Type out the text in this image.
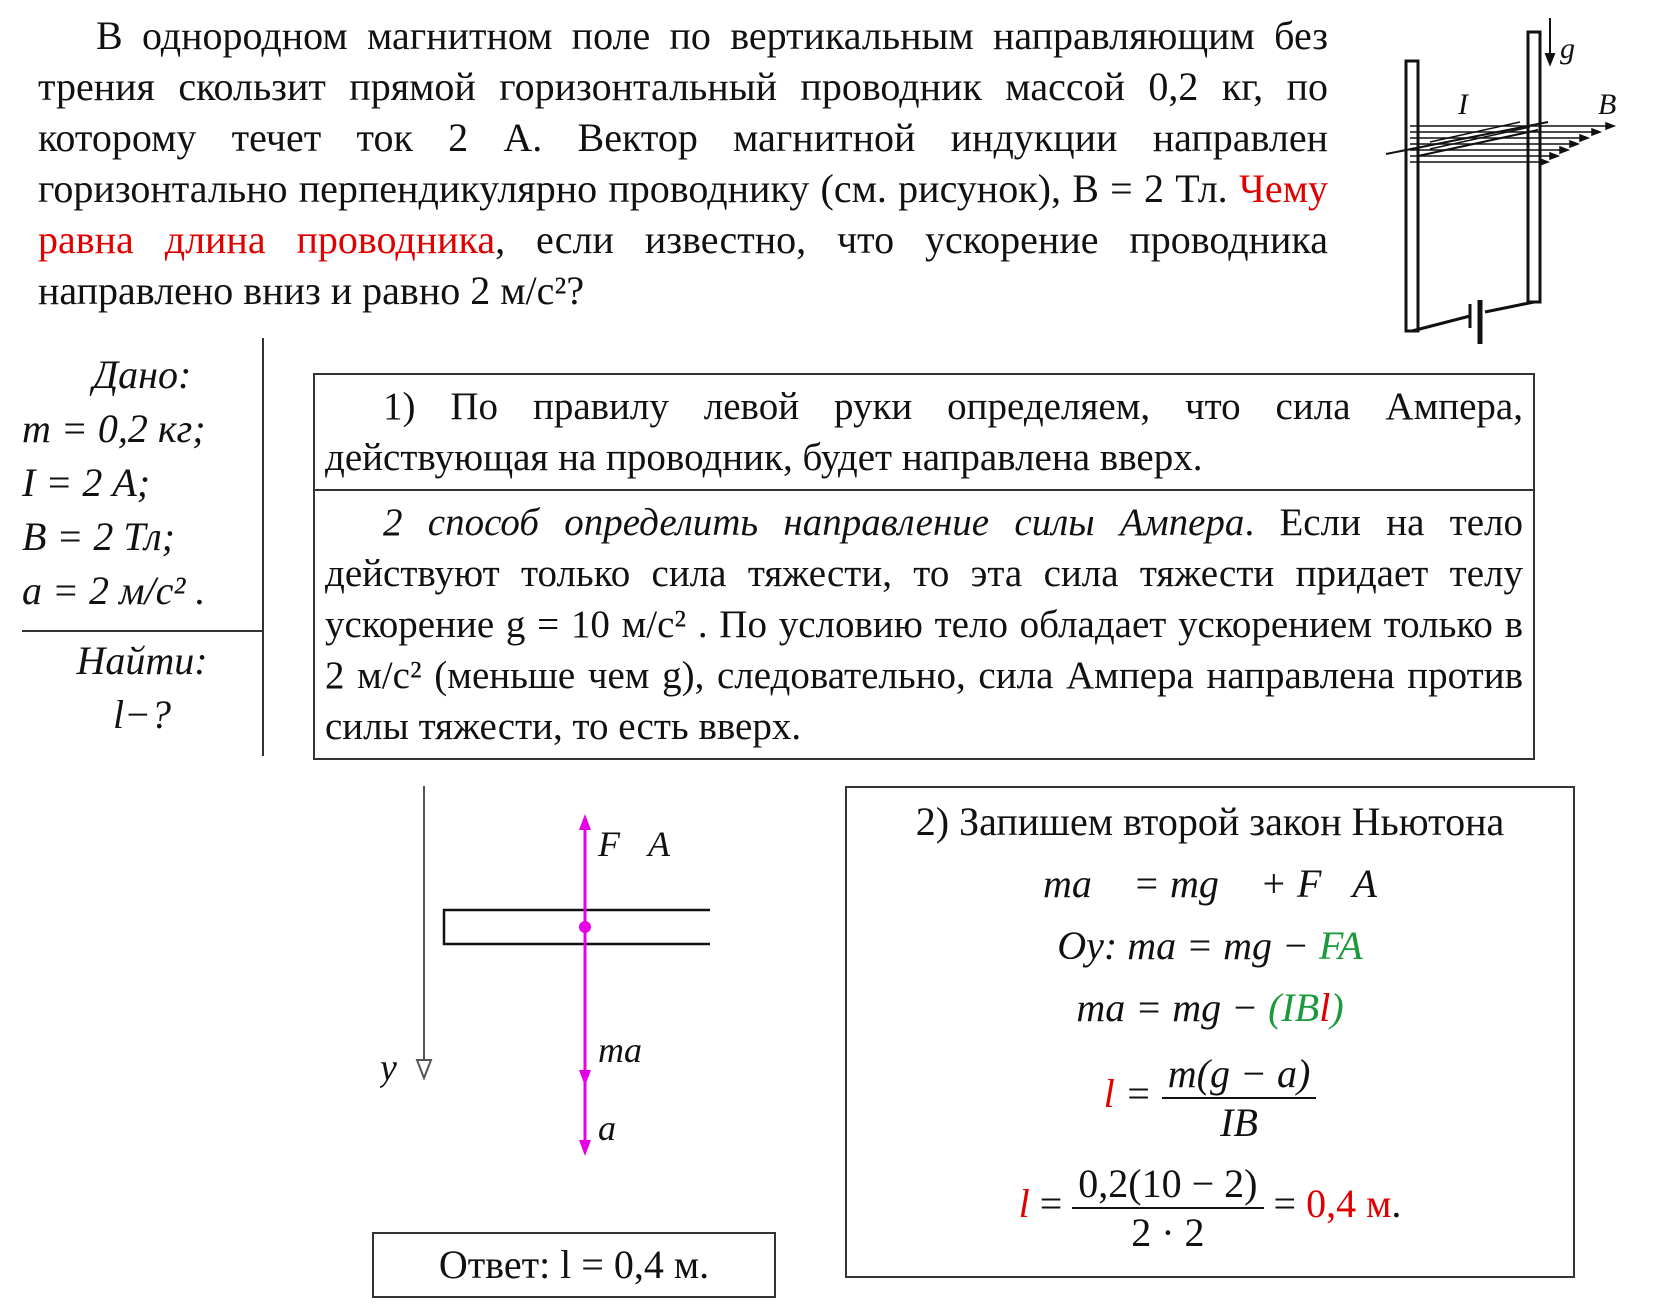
В однородном магнитном поле по вертикальным направляющим без трения скользит прямой горизонтальный проводник массой 0,2 кг, по которому течет ток 2 А. Вектор магнитной индукции направлен горизонтально перпендикулярно проводнику (см. рисунок), B = 2 Тл. Чему равна длина проводника, если известно, что ускорение проводника направлено вниз и равно 2 м/с²?
g⃗
I	B⃗
Дано:
m = 0,2 кг;
I = 2 А;
B = 2 Тл;
a = 2 м/с² .
Найти:
l−?
1) По правилу левой руки определяем, что сила Ампера, действующая на проводник, будет направлена вверх.
2 способ определить направление силы Ампера. Если на тело действуют только сила тяжести, то эта сила тяжести придает телу ускорение g = 10 м/с² . По условию тело обладает ускорением только в 2 м/с² (меньше чем g), следовательно, сила Ампера направлена против силы тяжести, то есть вверх.
y
F⃗A
ma⃗
a⃗
Ответ: l = 0,4 м.
2) Запишем второй закон Ньютона
ma⃗ = mg⃗ + F⃗A
Oy: ma = mg − FA
ma = mg − (IBl)
$l = \frac{m(g - a)}{IB}$
$l = \frac{0,2(10 - 2)}{2 \cdot 2} = 0,4$ м.
